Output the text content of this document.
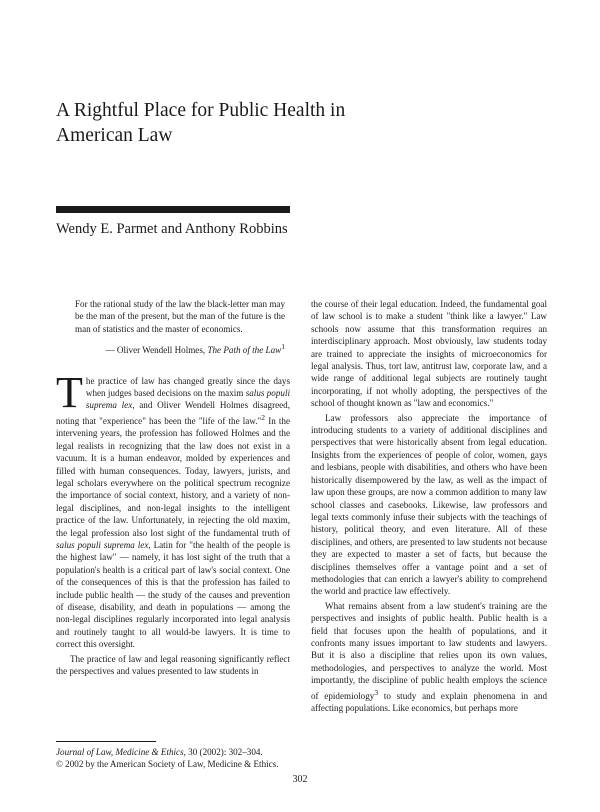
A Rightful Place for Public Health in American Law

Wendy E. Parmet and Anthony Robbins

For the rational study of the law the black-letter man may be the man of the present, but the man of the future is the man of statistics and the master of economics.

— Oliver Wendell Holmes, The Path of the Law$^1$

The practice of law has changed greatly since the days when judges based decisions on the maxim salus populi suprema lex, and Oliver Wendell Holmes disagreed, noting that "experience" has been the "life of the law."$^2$ In the intervening years, the profession has followed Holmes and the legal realists in recognizing that the law does not exist in a vacuum. It is a human endeavor, molded by experiences and filled with human consequences. Today, lawyers, jurists, and legal scholars everywhere on the political spectrum recognize the importance of social context, history, and a variety of non-legal disciplines, and non-legal insights to the intelligent practice of the law. Unfortunately, in rejecting the old maxim, the legal profession also lost sight of the fundamental truth of salus populi suprema lex, Latin for "the health of the people is the highest law" — namely, it has lost sight of the truth that a population's health is a critical part of law's social context. One of the consequences of this is that the profession has failed to include public health — the study of the causes and prevention of disease, disability, and death in populations — among the non-legal disciplines regularly incorporated into legal analysis and routinely taught to all would-be lawyers. It is time to correct this oversight.

The practice of law and legal reasoning significantly reflect the perspectives and values presented to law students in

Journal of Law, Medicine & Ethics, 30 (2002): 302–304.
© 2002 by the American Society of Law, Medicine & Ethics.

the course of their legal education. Indeed, the fundamental goal of law school is to make a student "think like a lawyer." Law schools now assume that this transformation requires an interdisciplinary approach. Most obviously, law students today are trained to appreciate the insights of microeconomics for legal analysis. Thus, tort law, antitrust law, corporate law, and a wide range of additional legal subjects are routinely taught incorporating, if not wholly adopting, the perspectives of the school of thought known as "law and economics."

Law professors also appreciate the importance of introducing students to a variety of additional disciplines and perspectives that were historically absent from legal education. Insights from the experiences of people of color, women, gays and lesbians, people with disabilities, and others who have been historically disempowered by the law, as well as the impact of law upon these groups, are now a common addition to many law school classes and casebooks. Likewise, law professors and legal texts commonly infuse their subjects with the teachings of history, political theory, and even literature. All of these disciplines, and others, are presented to law students not because they are expected to master a set of facts, but because the disciplines themselves offer a vantage point and a set of methodologies that can enrich a lawyer's ability to comprehend the world and practice law effectively.

What remains absent from a law student's training are the perspectives and insights of public health. Public health is a field that focuses upon the health of populations, and it confronts many issues important to law students and lawyers. But it is also a discipline that relies upon its own values, methodologies, and perspectives to analyze the world. Most importantly, the discipline of public health employs the science of epidemiology$^3$ to study and explain phenomena in and affecting populations. Like economics, but perhaps more

302
